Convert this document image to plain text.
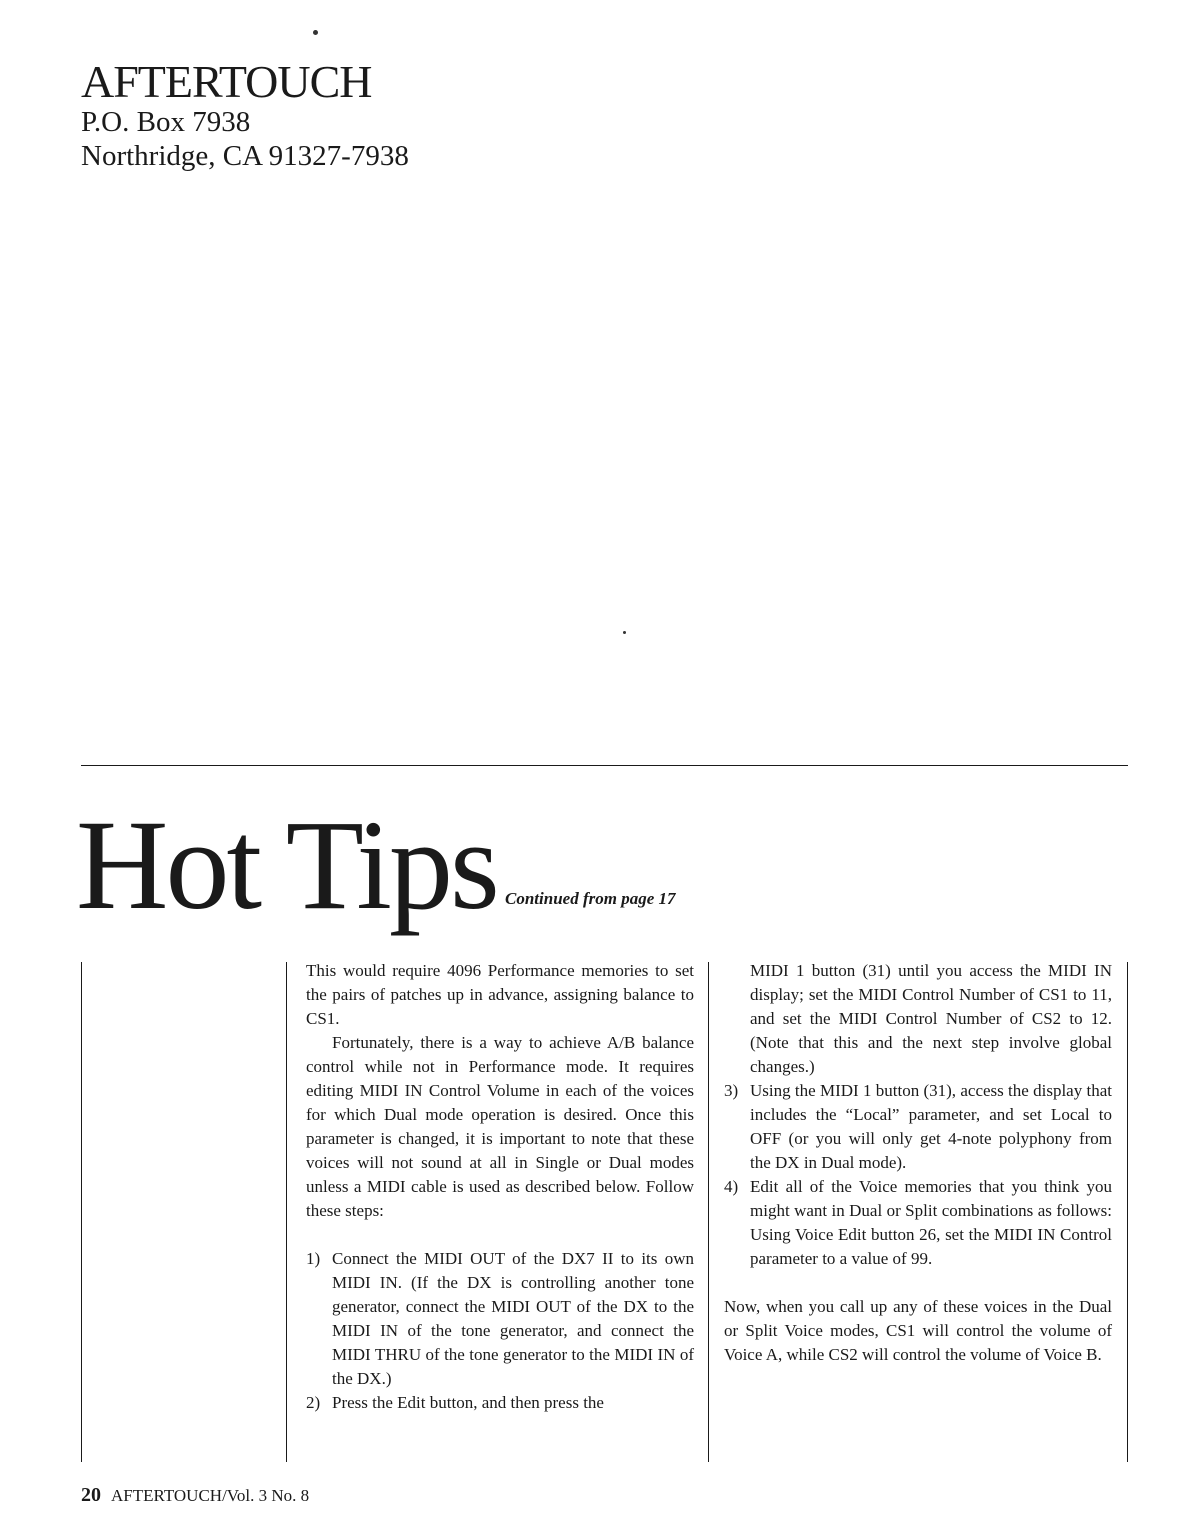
AFTERTOUCH
P.O. Box 7938
Northridge, CA 91327-7938
Hot Tips Continued from page 17

This would require 4096 Performance memories to set the pairs of patches up in advance, assigning balance to CS1.

Fortunately, there is a way to achieve A/B balance control while not in Performance mode. It requires editing MIDI IN Control Volume in each of the voices for which Dual mode operation is desired. Once this parameter is changed, it is important to note that these voices will not sound at all in Single or Dual modes unless a MIDI cable is used as described below. Follow these steps:

1) Connect the MIDI OUT of the DX7 II to its own MIDI IN. (If the DX is controlling another tone generator, connect the MIDI OUT of the DX to the MIDI IN of the tone generator, and connect the MIDI THRU of the tone generator to the MIDI IN of the DX.)
2) Press the Edit button, and then press the
MIDI 1 button (31) until you access the MIDI IN display; set the MIDI Control Number of CS1 to 11, and set the MIDI Control Number of CS2 to 12. (Note that this and the next step involve global changes.)
3) Using the MIDI 1 button (31), access the display that includes the “Local” parameter, and set Local to OFF (or you will only get 4-note polyphony from the DX in Dual mode).
4) Edit all of the Voice memories that you think you might want in Dual or Split combinations as follows: Using Voice Edit button 26, set the MIDI IN Control parameter to a value of 99.

Now, when you call up any of these voices in the Dual or Split Voice modes, CS1 will control the volume of Voice A, while CS2 will control the volume of Voice B.

20 AFTERTOUCH/Vol. 3 No. 8
